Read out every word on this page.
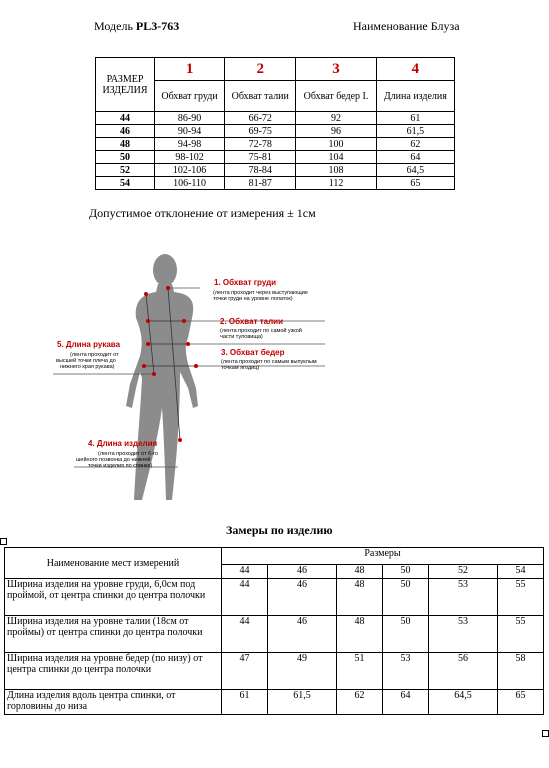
Модель PL3-763	Наименование Блуза
РАЗМЕР ИЗДЕЛИЯ	1	2	3	4
	Обхват груди	Обхват талии	Обхват бедер I.	Длина изделия
44	86-90	66-72	92	61
46	90-94	69-75	96	61,5
48	94-98	72-78	100	62
50	98-102	75-81	104	64
52	102-106	78-84	108	64,5
54	106-110	81-87	112	65
Допустимое отклонение от измерения ± 1см
1. Обхват груди
(лента проходит через выступающие
точки груди на уровне лопаток)
2. Обхват талии
(лента проходит по самой узкой
части туловища)
3. Обхват бедер
(лента проходит по самым выпуклым
точкам ягодиц)
5. Длина рукава
(лента проходит от
высшей точки плеча до
нижнего края рукава)
4. Длина изделия
(лента проходит от 6-го
шейного позвонка до нижней
точки изделия по спинке)
Замеры по изделию
Наименование мест измерений	Размеры					
	44	46	48	50	52	54
Ширина изделия на уровне груди, 6,0см под проймой, от центра спинки до центра полочки	44	46	48	50	53	55
Ширина изделия на уровне талии (18см от проймы) от центра спинки до центра полочки	44	46	48	50	53	55
Ширина изделия на уровне бедер (по низу) от центра спинки до центра полочки	47	49	51	53	56	58
Длина изделия вдоль центра спинки, от горловины до низа	61	61,5	62	64	64,5	65
